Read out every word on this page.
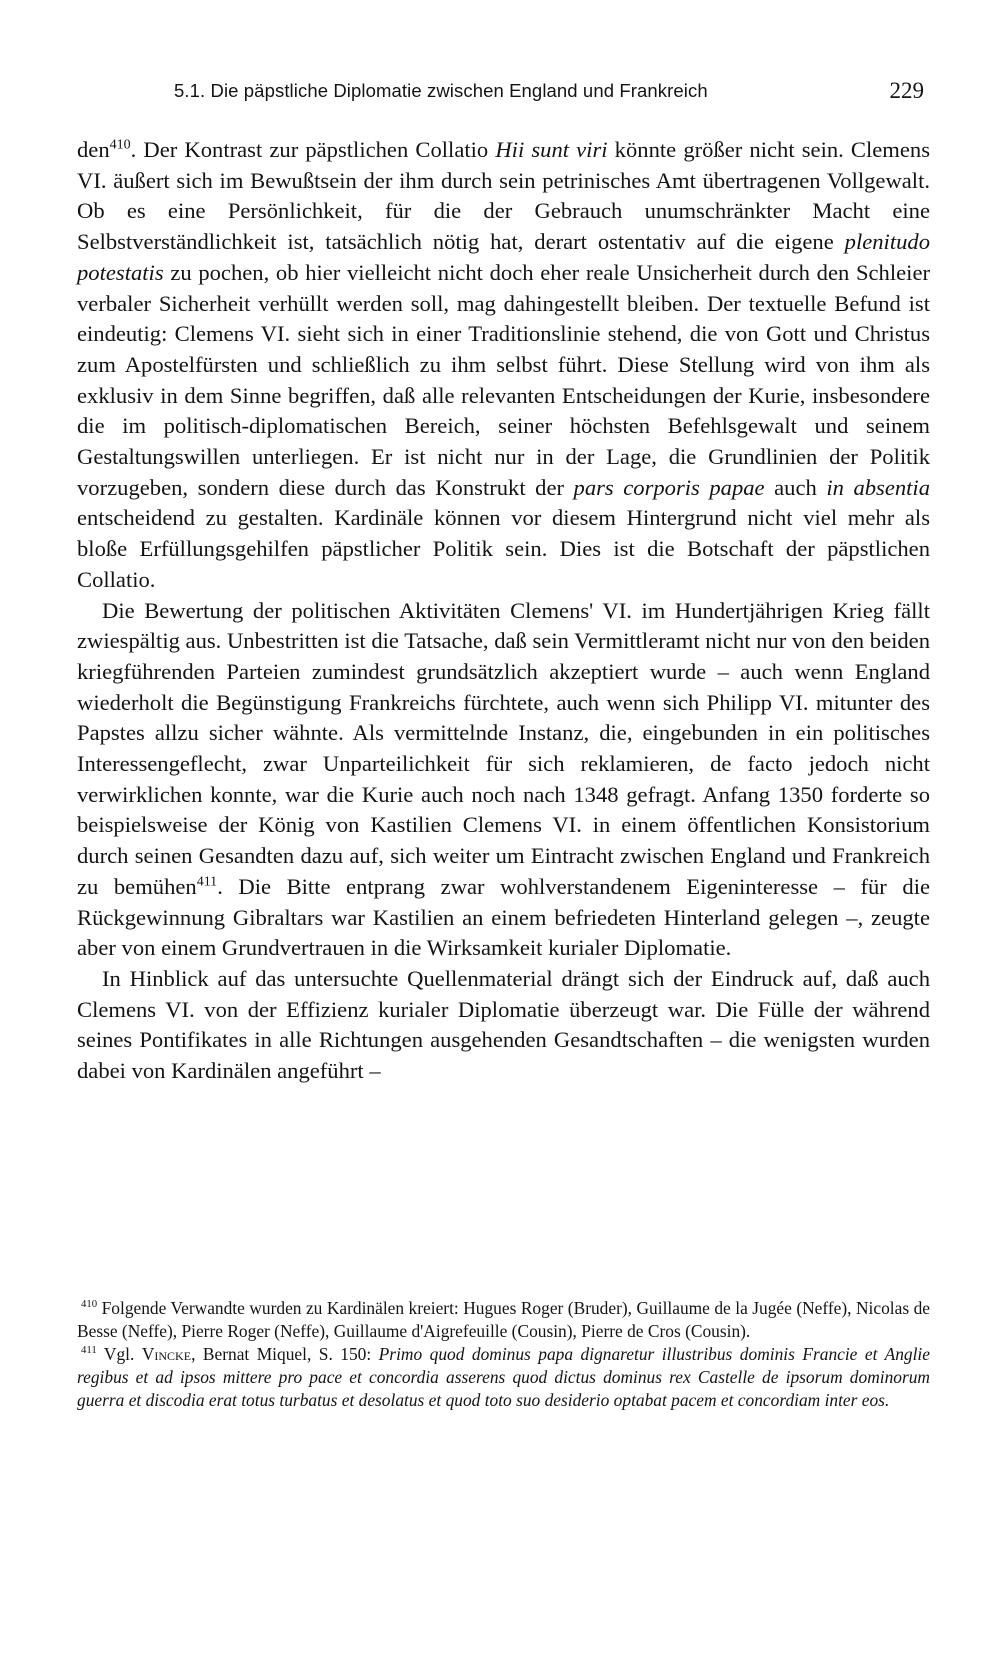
5.1. Die päpstliche Diplomatie zwischen England und Frankreich	229

den$^{410}$. Der Kontrast zur päpstlichen Collatio Hii sunt viri könnte größer nicht sein. Clemens VI. äußert sich im Bewußtsein der ihm durch sein petrinisches Amt übertragenen Vollgewalt. Ob es eine Persönlichkeit, für die der Gebrauch unumschränkter Macht eine Selbstverständlichkeit ist, tatsächlich nötig hat, derart ostentativ auf die eigene plenitudo potestatis zu pochen, ob hier vielleicht nicht doch eher reale Unsicherheit durch den Schleier verbaler Sicherheit verhüllt werden soll, mag dahingestellt bleiben. Der textuelle Befund ist eindeutig: Clemens VI. sieht sich in einer Traditionslinie stehend, die von Gott und Christus zum Apostelfürsten und schließlich zu ihm selbst führt. Diese Stellung wird von ihm als exklusiv in dem Sinne begriffen, daß alle relevanten Entscheidungen der Kurie, insbesondere die im politisch-diplomatischen Bereich, seiner höchsten Befehlsgewalt und seinem Gestaltungswillen unterliegen. Er ist nicht nur in der Lage, die Grundlinien der Politik vorzugeben, sondern diese durch das Konstrukt der pars corporis papae auch in absentia entscheidend zu gestalten. Kardinäle können vor diesem Hintergrund nicht viel mehr als bloße Erfüllungsgehilfen päpstlicher Politik sein. Dies ist die Botschaft der päpstlichen Collatio.

Die Bewertung der politischen Aktivitäten Clemens' VI. im Hundertjährigen Krieg fällt zwiespältig aus. Unbestritten ist die Tatsache, daß sein Vermittleramt nicht nur von den beiden kriegführenden Parteien zumindest grundsätzlich akzeptiert wurde – auch wenn England wiederholt die Begünstigung Frankreichs fürchtete, auch wenn sich Philipp VI. mitunter des Papstes allzu sicher wähnte. Als vermittelnde Instanz, die, eingebunden in ein politisches Interessengeflecht, zwar Unparteilichkeit für sich reklamieren, de facto jedoch nicht verwirklichen konnte, war die Kurie auch noch nach 1348 gefragt. Anfang 1350 forderte so beispielsweise der König von Kastilien Clemens VI. in einem öffentlichen Konsistorium durch seinen Gesandten dazu auf, sich weiter um Eintracht zwischen England und Frankreich zu bemühen$^{411}$. Die Bitte entprang zwar wohlverstandenem Eigeninteresse – für die Rückgewinnung Gibraltars war Kastilien an einem befriedeten Hinterland gelegen –, zeugte aber von einem Grundvertrauen in die Wirksamkeit kurialer Diplomatie.

In Hinblick auf das untersuchte Quellenmaterial drängt sich der Eindruck auf, daß auch Clemens VI. von der Effizienz kurialer Diplomatie überzeugt war. Die Fülle der während seines Pontifikates in alle Richtungen ausgehenden Gesandtschaften – die wenigsten wurden dabei von Kardinälen angeführt –

$^{410}$ Folgende Verwandte wurden zu Kardinälen kreiert: Hugues Roger (Bruder), Guillaume de la Jugée (Neffe), Nicolas de Besse (Neffe), Pierre Roger (Neffe), Guillaume d'Aigrefeuille (Cousin), Pierre de Cros (Cousin).

$^{411}$ Vgl. Vincke, Bernat Miquel, S. 150: Primo quod dominus papa dignaretur illustribus dominis Francie et Anglie regibus et ad ipsos mittere pro pace et concordia asserens quod dictus dominus rex Castelle de ipsorum dominorum guerra et discodia erat totus turbatus et desolatus et quod toto suo desiderio optabat pacem et concordiam inter eos.
